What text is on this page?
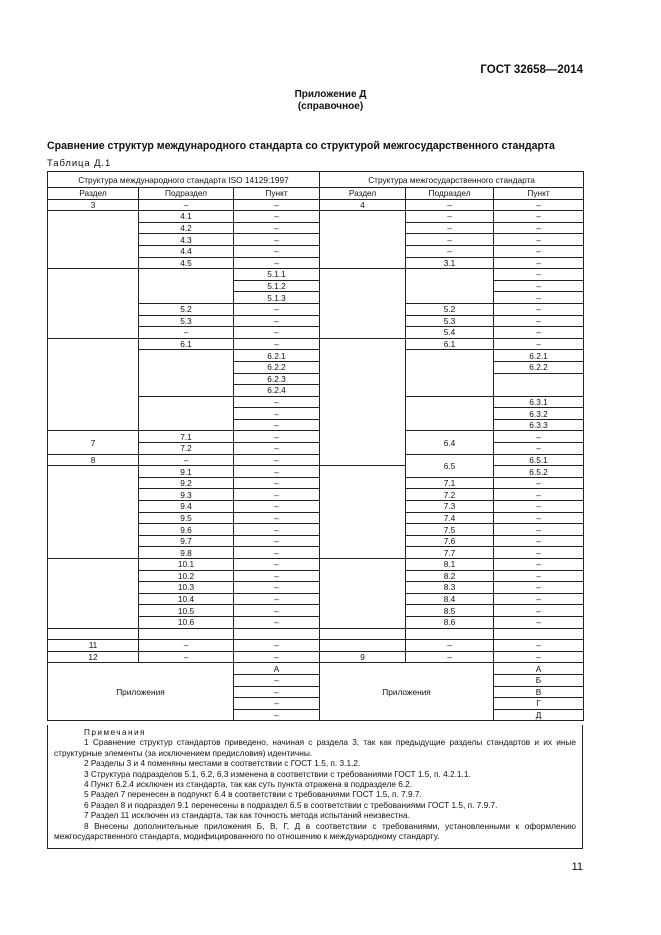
ГОСТ 32658—2014
Приложение Д
(справочное)
Сравнение структур международного стандарта со структурой межгосударственного стандарта
Таблица Д.1
Структура международного стандарта ISO 14129:1997			Структура межгосударственного стандарта		
Раздел	Подраздел	Пункт	Раздел	Подраздел	Пункт
3	–	–	4	–	–
	4.1	–		–	–
	4.2	–		–	–
	4.3	–		–	–
	4.4	–		–	–
	4.5	–		3.1	–
		5.1.1			–
		5.1.2			–
		5.1.3			–
	5.2	–		5.2	–
	5.3	–		5.3	–
	–	–		5.4	–
	6.1	–		6.1	–
		6.2.1			6.2.1
		6.2.2			6.2.2
		6.2.3			
		6.2.4			
		–			6.3.1
		–			6.3.2
		–			6.3.3
7	7.1	–		6.4	–
	7.2	–			–
8	–	–		6.5	6.5.1
	9.1	–			6.5.2
	9.2	–		7.1	–
	9.3	–		7.2	–
	9.4	–		7.3	–
	9.5	–		7.4	–
	9.6	–		7.5	–
	9.7	–		7.6	–
	9.8	–		7.7	–
	10.1	–		8.1	–
	10.2	–		8.2	–
	10.3	–		8.3	–
	10.4	–		8.4	–
	10.5	–		8.5	–
	10.6	–		8.6	–

11	–	–		–	–
12	–	–	9	–	–
Приложения		А	Приложения		А
		–			Б
		–			В
		–			Г
		–			Д
Примечания

1 Сравнение структур стандартов приведено, начиная с раздела 3, так как предыдущие разделы стандартов и их иные структурные элементы (за исключением предисловия) идентичны.

2 Разделы 3 и 4 поменяны местами в соответствии с ГОСТ 1.5, п. 3.1.2.

3 Структура подразделов 5.1, 6.2, 6.3 изменена в соответствии с требованиями ГОСТ 1.5, п. 4.2.1.1.

4 Пункт 6.2.4 исключен из стандарта, так как суть пункта отражена в подразделе 6.2.

5 Раздел 7 перенесен в подпункт 6.4 в соответствии с требованиями ГОСТ 1.5, п. 7.9.7.

6 Раздел 8 и подраздел 9.1 перенесены в подраздел 6.5 в соответствии с требованиями ГОСТ 1.5, п. 7.9.7.

7 Раздел 11 исключен из стандарта, так как точность метода испытаний неизвестна.

8 Внесены дополнительные приложения Б, В, Г, Д в соответствии с требованиями, установленными к оформлению межгосударственного стандарта, модифицированного по отношению к международному стандарту.

11
